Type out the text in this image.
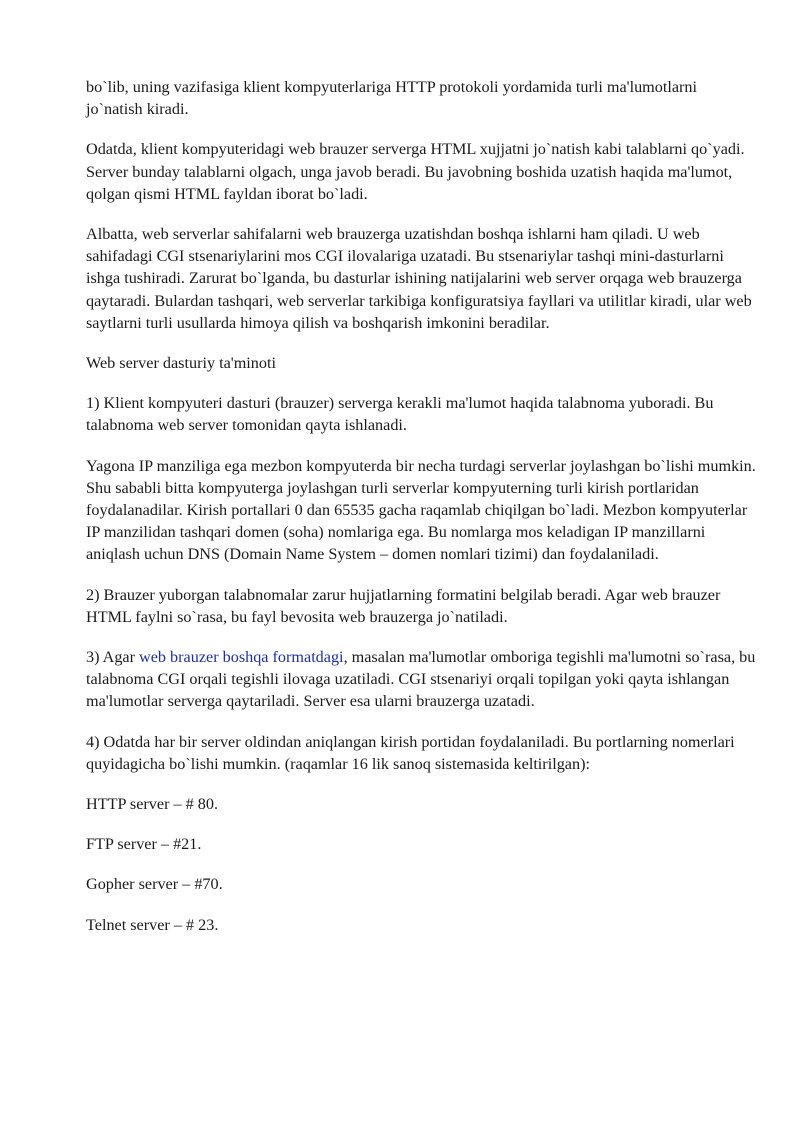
bo`lib, uning vazifasiga klient kompyuterlariga HTTP protokoli yordamida turli ma'lumotlarni jo`natish kiradi.

Odatda, klient kompyuteridagi web brauzer serverga HTML xujjatni jo`natish kabi talablarni qo`yadi. Server bunday talablarni olgach, unga javob beradi. Bu javobning boshida uzatish haqida ma'lumot, qolgan qismi HTML fayldan iborat bo`ladi.

Albatta, web serverlar sahifalarni web brauzerga uzatishdan boshqa ishlarni ham qiladi. U web sahifadagi CGI stsenariylarini mos CGI ilovalariga uzatadi. Bu stsenariylar tashqi mini-dasturlarni ishga tushiradi. Zarurat bo`lganda, bu dasturlar ishining natijalarini web server orqaga web brauzerga qaytaradi. Bulardan tashqari, web serverlar tarkibiga konfiguratsiya fayllari va utilitlar kiradi, ular web saytlarni turli usullarda himoya qilish va boshqarish imkonini beradilar.

Web server dasturiy ta'minoti

1) Klient kompyuteri dasturi (brauzer) serverga kerakli ma'lumot haqida talabnoma yuboradi. Bu talabnoma web server tomonidan qayta ishlanadi.

Yagona IP manziliga ega mezbon kompyuterda bir necha turdagi serverlar joylashgan bo`lishi mumkin. Shu sababli bitta kompyuterga joylashgan turli serverlar kompyuterning turli kirish portlaridan foydalanadilar. Kirish portallari 0 dan 65535 gacha raqamlab chiqilgan bo`ladi. Mezbon kompyuterlar IP manzilidan tashqari domen (soha) nomlariga ega. Bu nomlarga mos keladigan IP manzillarni aniqlash uchun DNS (Domain Name System – domen nomlari tizimi) dan foydalaniladi.

2) Brauzer yuborgan talabnomalar zarur hujjatlarning formatini belgilab beradi. Agar web brauzer HTML faylni so`rasa, bu fayl bevosita web brauzerga jo`natiladi.

3) Agar web brauzer boshqa formatdagi, masalan ma'lumotlar omboriga tegishli ma'lumotni so`rasa, bu talabnoma CGI orqali tegishli ilovaga uzatiladi. CGI stsenariyi orqali topilgan yoki qayta ishlangan ma'lumotlar serverga qaytariladi. Server esa ularni brauzerga uzatadi.

4) Odatda har bir server oldindan aniqlangan kirish portidan foydalaniladi. Bu portlarning nomerlari quyidagicha bo`lishi mumkin. (raqamlar 16 lik sanoq sistemasida keltirilgan):

HTTP server – # 80.

FTP server – #21.

Gopher server – #70.

Telnet server – # 23.
